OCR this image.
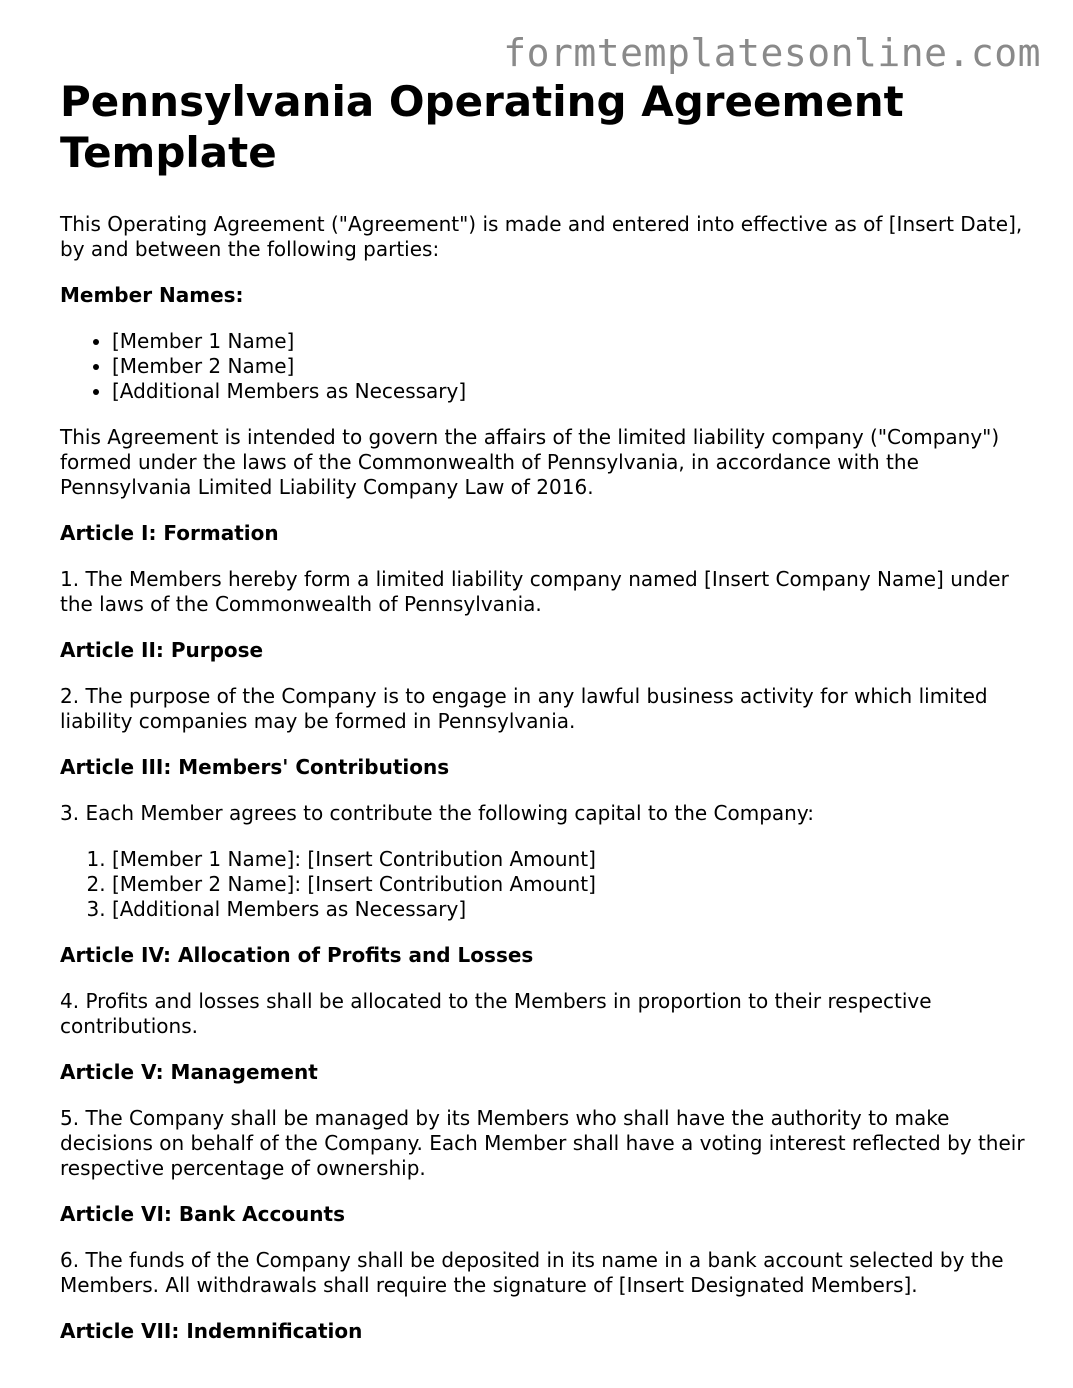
formtemplatesonline.com
Pennsylvania Operating Agreement Template

This Operating Agreement ("Agreement") is made and entered into effective as of [Insert Date], by and between the following parties:

Member Names:

• [Member 1 Name]
• [Member 2 Name]
• [Additional Members as Necessary]

This Agreement is intended to govern the affairs of the limited liability company ("Company") formed under the laws of the Commonwealth of Pennsylvania, in accordance with the Pennsylvania Limited Liability Company Law of 2016.

Article I: Formation

1. The Members hereby form a limited liability company named [Insert Company Name] under the laws of the Commonwealth of Pennsylvania.

Article II: Purpose

2. The purpose of the Company is to engage in any lawful business activity for which limited liability companies may be formed in Pennsylvania.

Article III: Members' Contributions

3. Each Member agrees to contribute the following capital to the Company:

1. [Member 1 Name]: [Insert Contribution Amount]
2. [Member 2 Name]: [Insert Contribution Amount]
3. [Additional Members as Necessary]

Article IV: Allocation of Profits and Losses

4. Profits and losses shall be allocated to the Members in proportion to their respective contributions.

Article V: Management

5. The Company shall be managed by its Members who shall have the authority to make decisions on behalf of the Company. Each Member shall have a voting interest reflected by their respective percentage of ownership.

Article VI: Bank Accounts

6. The funds of the Company shall be deposited in its name in a bank account selected by the Members. All withdrawals shall require the signature of [Insert Designated Members].

Article VII: Indemnification
